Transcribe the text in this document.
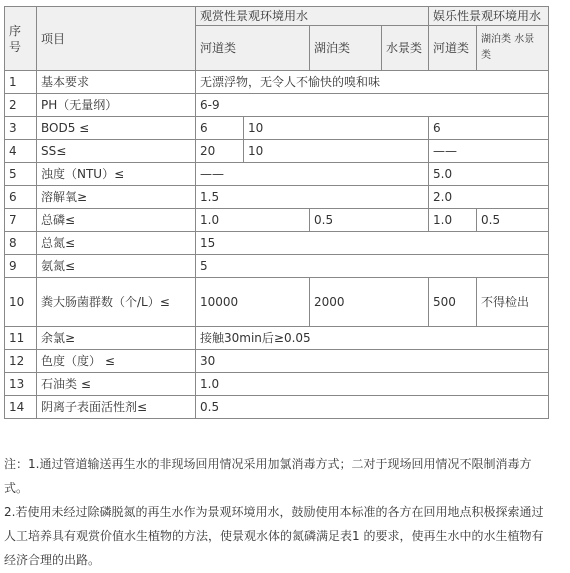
序号	项目	观赏性景观环境用水				娱乐性景观环境用水	
		河道类		湖泊类	水景类	河道类	湖泊类 水景类
1	基本要求	无漂浮物，无令人不愉快的嗅和味					
2	PH（无量纲）	6-9					
3	BOD5 ≤	6	10			6	
4	SS≤	20	10			——	
5	浊度（NTU）≤	——				5.0	
6	溶解氧≥	1.5				2.0	
7	总磷≤	1.0		0.5		1.0	0.5
8	总氮≤	15					
9	氨氮≤	5					
10	粪大肠菌群数（个/L）≤	10000		2000		500	不得检出
11	余氯≥	接触30min后≥0.05					
12	色度（度） ≤	30					
13	石油类 ≤	1.0					
14	阴离子表面活性剂≤	0.5					

注：1.通过管道输送再生水的非现场回用情况采用加氯消毒方式；二对于现场回用情况不限制消毒方式。

2.若使用未经过除磷脱氮的再生水作为景观环境用水，鼓励使用本标准的各方在回用地点积极探索通过人工培养具有观赏价值水生植物的方法，使景观水体的氮磷满足表1 的要求，使再生水中的水生植物有经济合理的出路。
